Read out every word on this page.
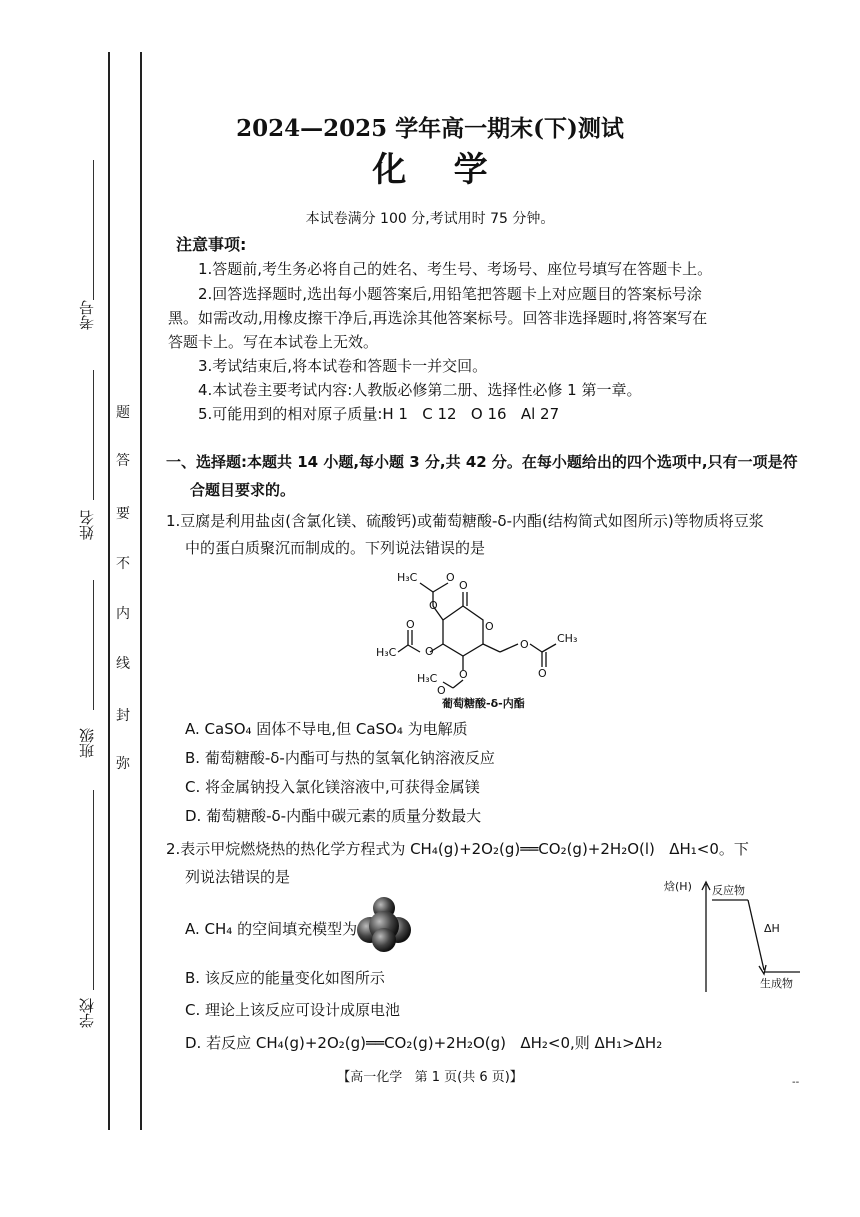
考号
姓名
班级
学校
题
答
要
不
内
线
封
弥
2024—2025 学年高一期末(下)测试
化    学
本试卷满分 100 分,考试用时 75 分钟。
注意事项:
1.答题前,考生务必将自己的姓名、考生号、考场号、座位号填写在答题卡上。
2.回答选择题时,选出每小题答案后,用铅笔把答题卡上对应题目的答案标号涂
黑。如需改动,用橡皮擦干净后,再选涂其他答案标号。回答非选择题时,将答案写在
答题卡上。写在本试卷上无效。
3.考试结束后,将本试卷和答题卡一并交回。
4.本试卷主要考试内容:人教版必修第二册、选择性必修 1 第一章。
5.可能用到的相对原子质量:H 1   C 12   O 16   Al 27
一、选择题:本题共 14 小题,每小题 3 分,共 42 分。在每小题给出的四个选项中,只有一项是符
合题目要求的。
1.豆腐是利用盐卤(含氯化镁、硫酸钙)或葡萄糖酸-δ-内酯(结构简式如图所示)等物质将豆浆
中的蛋白质聚沉而制成的。下列说法错误的是
H₃C	O
O
O
O
O
H₃C	O
O	CH₃
O
O
H₃C
O
葡萄糖酸-δ-内酯
A. CaSO₄ 固体不导电,但 CaSO₄ 为电解质
B. 葡萄糖酸-δ-内酯可与热的氢氧化钠溶液反应
C. 将金属钠投入氯化镁溶液中,可获得金属镁
D. 葡萄糖酸-δ-内酯中碳元素的质量分数最大
2.表示甲烷燃烧热的热化学方程式为 CH₄(g)+2O₂(g)══CO₂(g)+2H₂O(l)   ΔH₁<0。下
列说法错误的是
A. CH₄ 的空间填充模型为
B. 该反应的能量变化如图所示
C. 理论上该反应可设计成原电池
D. 若反应 CH₄(g)+2O₂(g)══CO₂(g)+2H₂O(g)   ΔH₂<0,则 ΔH₁>ΔH₂
焓(H) 反应物
ΔH
生成物
【高一化学   第 1 页(共 6 页)】	--
